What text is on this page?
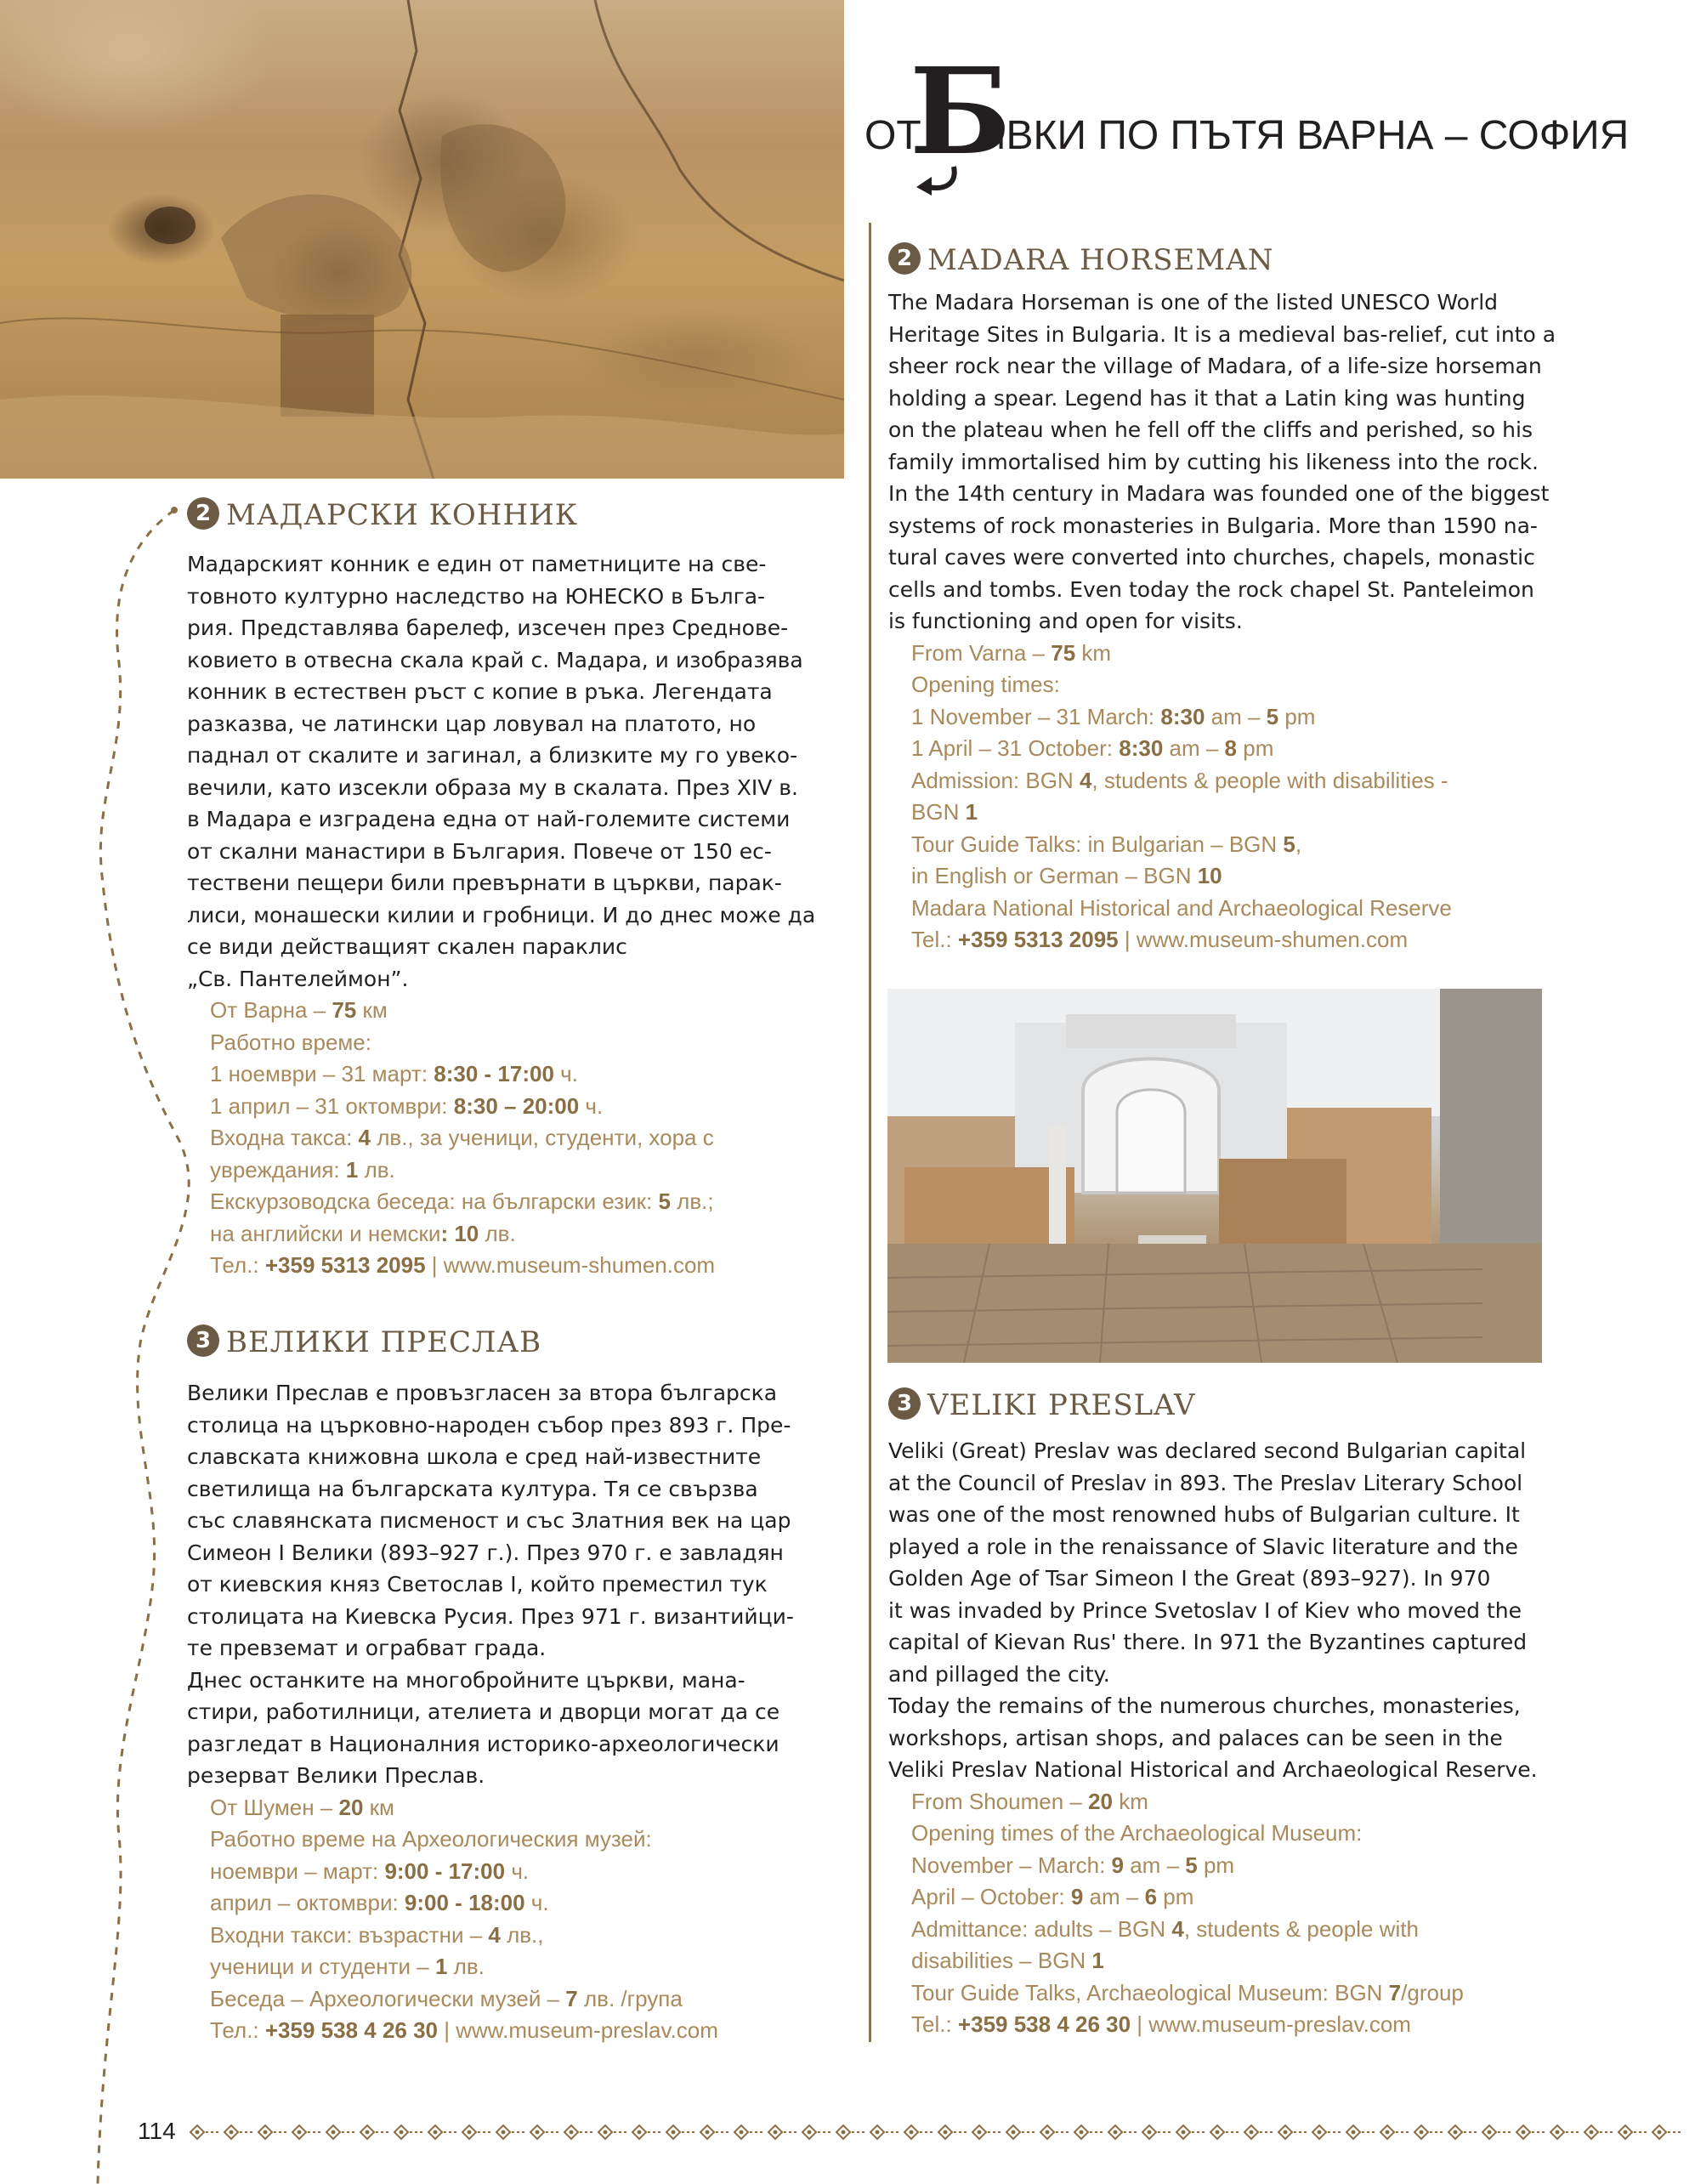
ОТ
Б
ИВКИ ПО ПЪТЯ ВАРНА – СОФИЯ
2 МАДАРСКИ КОННИК

Мадарският конник е един от паметниците на све-
товното културно наследство на ЮНЕСКО в Бълга-
рия. Представлява барелеф, изсечен през Среднове-
ковието в отвесна скала край с. Мадара, и изобразява
конник в естествен ръст с копие в ръка. Легендата
разказва, че латински цар ловувал на платото, но
паднал от скалите и загинал, а близките му го увеко-
вечили, като изсекли образа му в скалата. През XIV в.
в Мадара е изградена една от най-големите системи
от скални манастири в България. Повече от 150 ес-
тествени пещери били превърнати в църкви, парак-
лиси, монашески килии и гробници. И до днес може да
се види действащият скален параклис
„Св. Пантелеймон”.

От Варна – 75 км
Работно време:
1 ноември – 31 март: 8:30 - 17:00 ч.
1 април – 31 октомври: 8:30 – 20:00 ч.
Входна такса: 4 лв., за ученици, студенти, хора с
увреждания: 1 лв.
Екскурзоводска беседа: на български език: 5 лв.;
на английски и немски: 10 лв.
Тел.: +359 5313 2095 | www.museum-shumen.com
3 ВЕЛИКИ ПРЕСЛАВ

Велики Преслав е провъзгласен за втора българска
столица на църковно-народен събор през 893 г. Пре-
славската книжовна школа е сред най-известните
светилища на българската култура. Тя се свързва
със славянската писменост и със Златния век на цар
Симеон I Велики (893–927 г.). През 970 г. е завладян
от киевския княз Светослав I, който преместил тук
столицата на Киевска Русия. През 971 г. византийци-
те превземат и ограбват града.
Днес останките на многобройните църкви, мана-
стири, работилници, ателиета и дворци могат да се
разгледат в Националния историко-археологически
резерват Велики Преслав.

От Шумен – 20 км
Работно време на Археологическия музей:
ноември – март: 9:00 - 17:00 ч.
април – октомври: 9:00 - 18:00 ч.
Входни такси: възрастни – 4 лв.,
ученици и студенти – 1 лв.
Беседа – Археологически музей – 7 лв. /група
Тел.: +359 538 4 26 30 | www.museum-preslav.com
2 MADARA HORSEMAN

The Madara Horseman is one of the listed UNESCO World
Heritage Sites in Bulgaria. It is a medieval bas-relief, cut into a
sheer rock near the village of Madara, of a life-size horseman
holding a spear. Legend has it that a Latin king was hunting
on the plateau when he fell off the cliffs and perished, so his
family immortalised him by cutting his likeness into the rock.
In the 14th century in Madara was founded one of the biggest
systems of rock monasteries in Bulgaria. More than 1590 na-
tural caves were converted into churches, chapels, monastic
cells and tombs. Even today the rock chapel St. Panteleimon
is functioning and open for visits.

From Varna – 75 km
Opening times:
1 November – 31 March: 8:30 am – 5 pm
1 April – 31 October: 8:30 am – 8 pm
Admission: BGN 4, students & people with disabilities -
BGN 1
Tour Guide Talks: in Bulgarian – BGN 5,
in English or German – BGN 10
Madara National Historical and Archaeological Reserve
Tel.: +359 5313 2095 | www.museum-shumen.com
3 VELIKI PRESLAV

Veliki (Great) Preslav was declared second Bulgarian capital
at the Council of Preslav in 893. The Preslav Literary School
was one of the most renowned hubs of Bulgarian culture. It
played a role in the renaissance of Slavic literature and the
Golden Age of Tsar Simeon I the Great (893–927). In 970
it was invaded by Prince Svetoslav I of Kiev who moved the
capital of Kievan Rus' there. In 971 the Byzantines captured
and pillaged the city.
Today the remains of the numerous churches, monasteries,
workshops, artisan shops, and palaces can be seen in the
Veliki Preslav National Historical and Archaeological Reserve.

From Shoumen – 20 km
Opening times of the Archaeological Museum:
November – March: 9 am – 5 pm
April – October: 9 am – 6 pm
Admittance: adults – BGN 4, students & people with
disabilities – BGN 1
Tour Guide Talks, Archaeological Museum: BGN 7/group
Tel.: +359 538 4 26 30 | www.museum-preslav.com
114
